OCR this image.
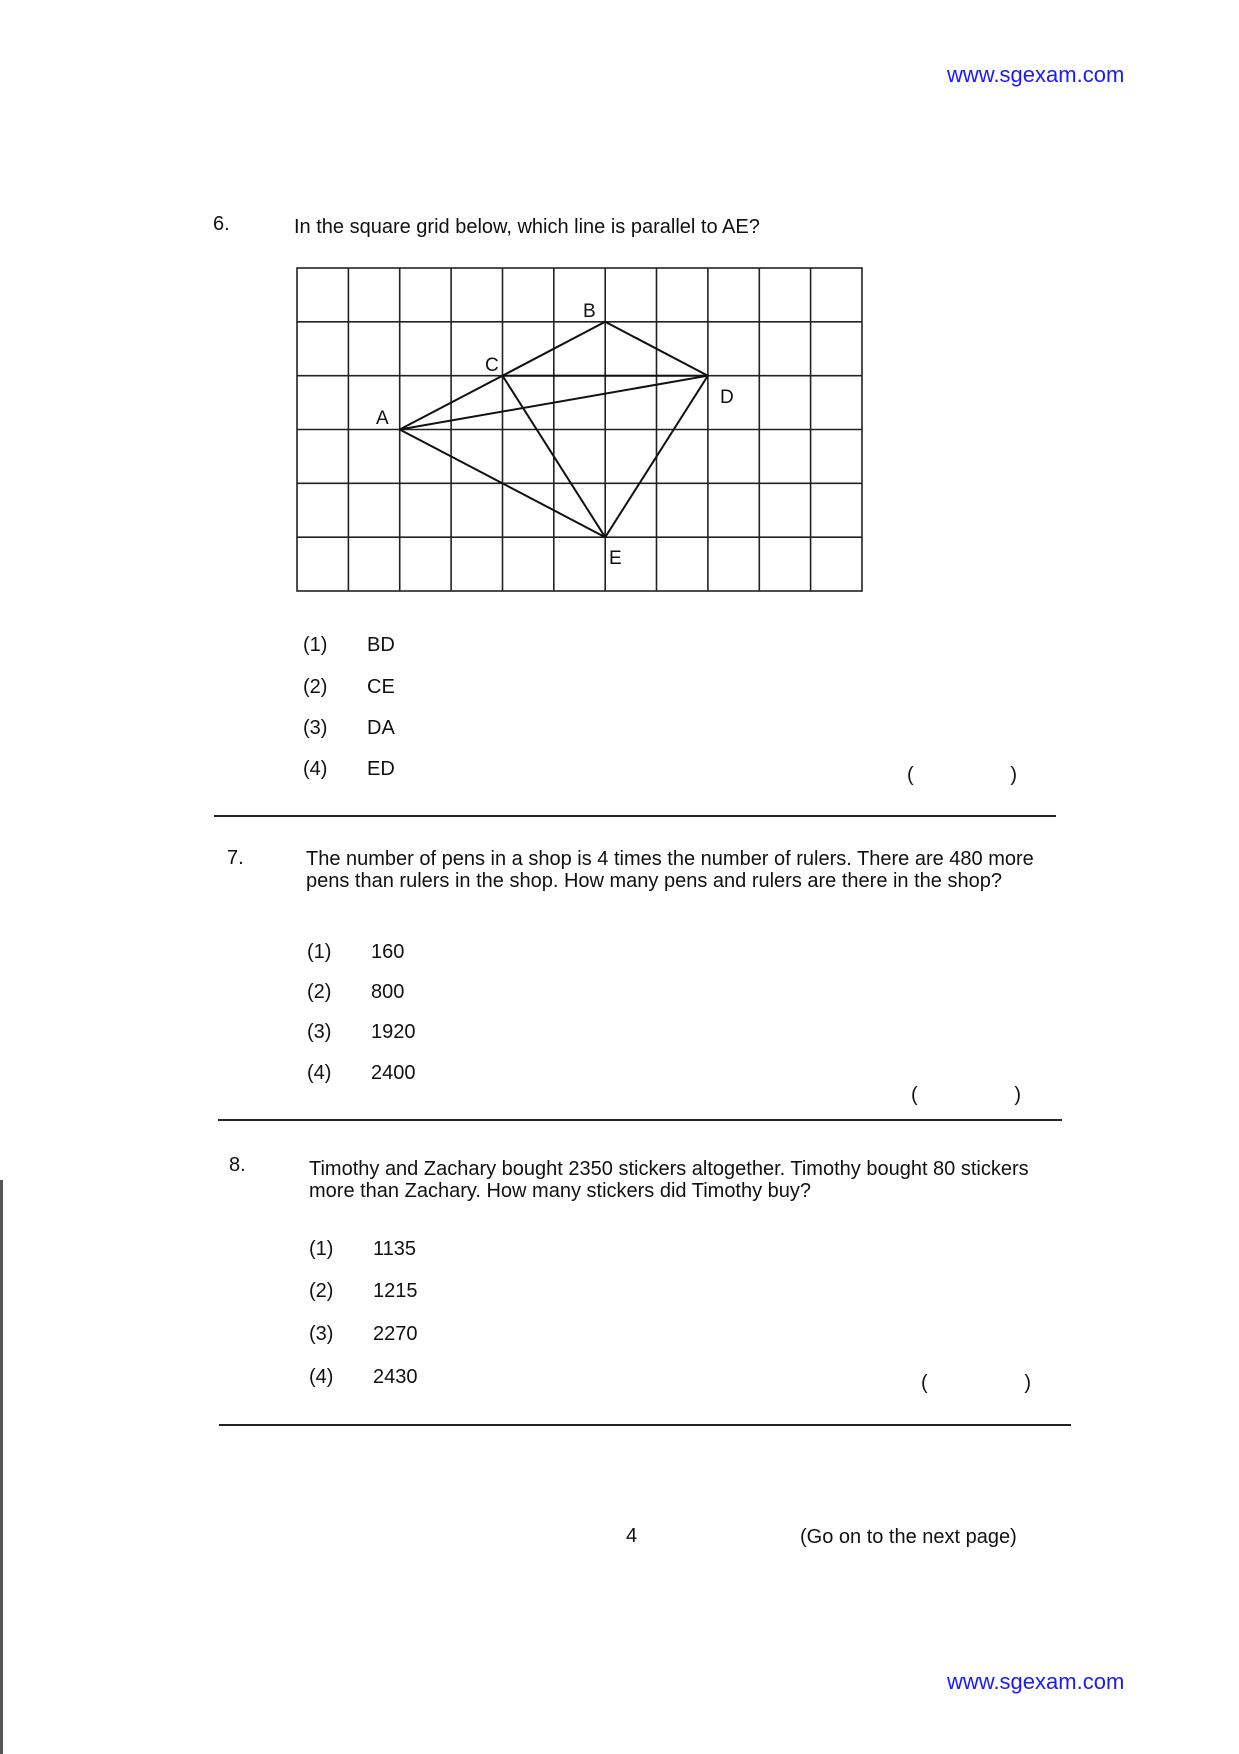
www.sgexam.com
6.	In the square grid below, which line is parallel to AE?
A
B
C
D
E
(1) BD
(2) CE
(3) DA
(4) ED	(	)
7.	The number of pens in a shop is 4 times the number of rulers. There are 480 more pens than rulers in the shop. How many pens and rulers are there in the shop?
(1) 160
(2) 800
(3) 1920
(4) 2400
(	)
8.	Timothy and Zachary bought 2350 stickers altogether. Timothy bought 80 stickers more than Zachary. How many stickers did Timothy buy?
(1) 1135
(2) 1215
(3) 2270
(4) 2430	(	)
4	(Go on to the next page)
www.sgexam.com
